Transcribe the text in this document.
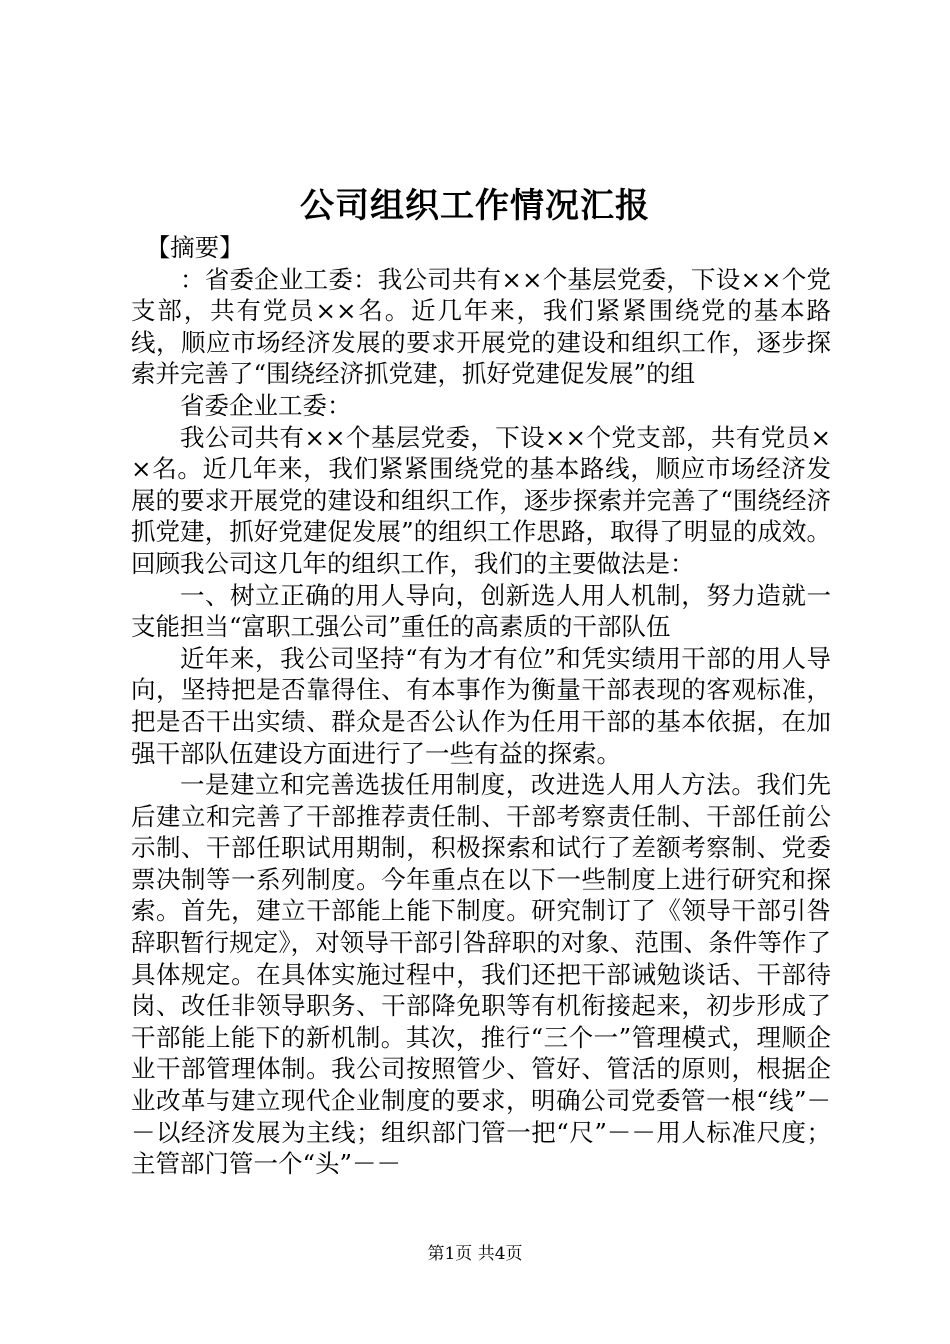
公司组织工作情况汇报

【摘要】

：省委企业工委：我公司共有××个基层党委，下设××个党支部，共有党员××名。近几年来，我们紧紧围绕党的基本路线，顺应市场经济发展的要求开展党的建设和组织工作，逐步探索并完善了“围绕经济抓党建，抓好党建促发展”的组

省委企业工委：

我公司共有××个基层党委，下设××个党支部，共有党员××名。近几年来，我们紧紧围绕党的基本路线，顺应市场经济发展的要求开展党的建设和组织工作，逐步探索并完善了“围绕经济抓党建，抓好党建促发展”的组织工作思路，取得了明显的成效。回顾我公司这几年的组织工作，我们的主要做法是：

一、树立正确的用人导向，创新选人用人机制，努力造就一支能担当“富职工强公司”重任的高素质的干部队伍

近年来，我公司坚持“有为才有位”和凭实绩用干部的用人导向，坚持把是否靠得住、有本事作为衡量干部表现的客观标准，把是否干出实绩、群众是否公认作为任用干部的基本依据，在加强干部队伍建设方面进行了一些有益的探索。

一是建立和完善选拔任用制度，改进选人用人方法。我们先后建立和完善了干部推荐责任制、干部考察责任制、干部任前公示制、干部任职试用期制，积极探索和试行了差额考察制、党委票决制等一系列制度。今年重点在以下一些制度上进行研究和探索。首先，建立干部能上能下制度。研究制订了《领导干部引咎辞职暂行规定》，对领导干部引咎辞职的对象、范围、条件等作了具体规定。在具体实施过程中，我们还把干部诫勉谈话、干部待岗、改任非领导职务、干部降免职等有机衔接起来，初步形成了干部能上能下的新机制。其次，推行“三个一”管理模式，理顺企业干部管理体制。我公司按照管少、管好、管活的原则，根据企业改革与建立现代企业制度的要求，明确公司党委管一根“线”－－以经济发展为主线；组织部门管一把“尺”－－用人标准尺度；主管部门管一个“头”－－

第1页 共4页
